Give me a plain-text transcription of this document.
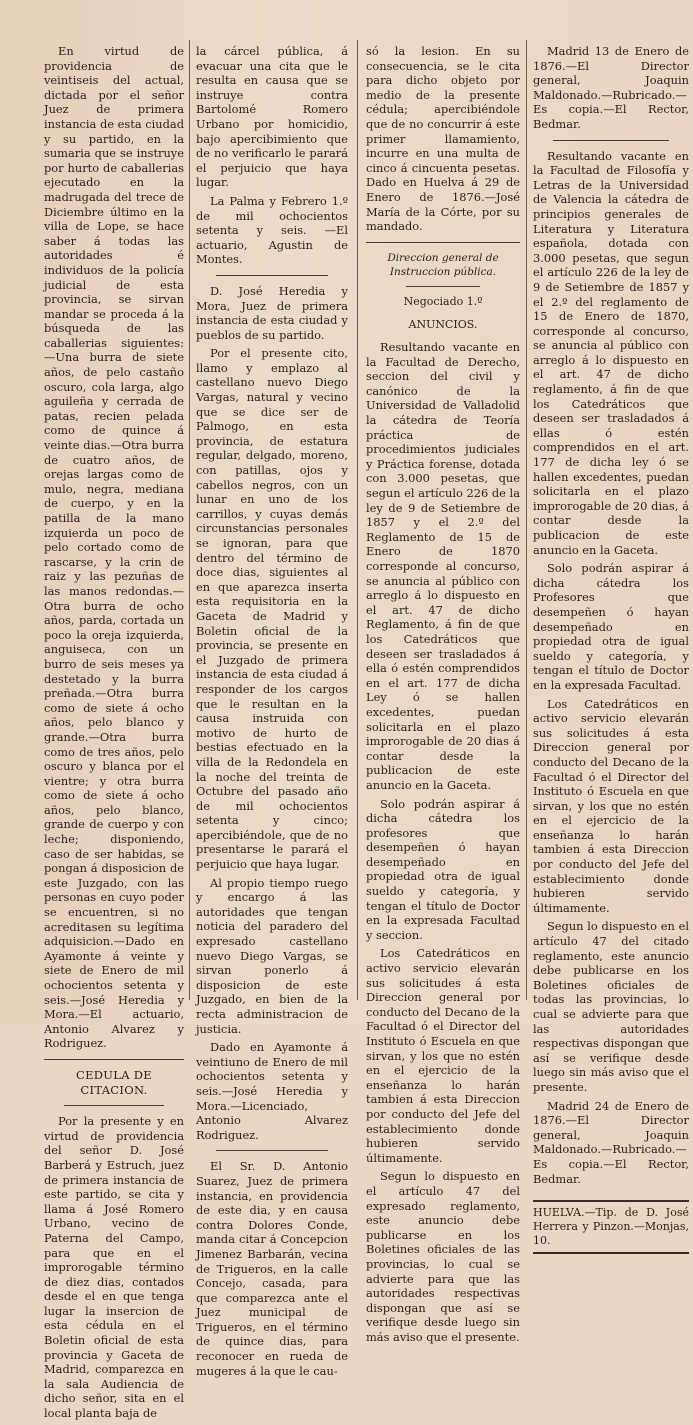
En virtud de providencia de veintiseis del actual, dictada por el señor Juez de primera instancia de esta ciudad y su partido, en la sumaria que se instruye por hurto de caballerias ejecutado en la madrugada del trece de Diciembre último en la villa de Lope, se hace saber á todas las autoridades é individuos de la policía judicial de esta provincia, se sirvan mandar se proceda á la búsqueda de las caballerias siguientes:—Una burra de siete años, de pelo castaño oscuro, cola larga, algo aguileña y cerrada de patas, recien pelada como de quince á veinte dias.—Otra burra de cuatro años, de orejas largas como de mulo, negra, mediana de cuerpo, y en la patilla de la mano izquierda un poco de pelo cortado como de rascarse, y la crin de raiz y las pezuñas de las manos redondas.—Otra burra de ocho años, parda, cortada un poco la oreja izquierda, anguiseca, con un burro de seis meses ya destetado y la burra preñada.—Otra burra como de siete á ocho años, pelo blanco y grande.—Otra burra como de tres años, pelo oscuro y blanca por el vientre; y otra burra como de siete á ocho años, pelo blanco, grande de cuerpo y con leche; disponiendo, caso de ser habidas, se pongan á disposicion de este Juzgado, con las personas en cuyo poder se encuentren, si no acreditasen su legítima adquisicion.—Dado en Ayamonte á veinte y siete de Enero de mil ochocientos setenta y seis.—José Heredia y Mora.—El actuario, Antonio Alvarez y Rodriguez.

CEDULA DE CITACION.

Por la presente y en virtud de providencia del señor D. José Barberá y Estruch, juez de primera instancia de este partido, se cita y llama á José Romero Urbano, vecino de Paterna del Campo, para que en el improrogable término de diez dias, contados desde el en que tenga lugar la insercion de esta cédula en el Boletin oficial de esta provincia y Gaceta de Madrid, comparezca en la sala Audiencia de dicho señor, sita en el local planta baja de

la cárcel pública, á evacuar una cita que le resulta en causa que se instruye contra Bartolomé Romero Urbano por homicidio, bajo apercibimiento que de no verificarlo le parará el perjuicio que haya lugar.

La Palma y Febrero 1.º de mil ochocientos setenta y seis. —El actuario, Agustin de Montes.

D. José Heredia y Mora, Juez de primera instancia de esta ciudad y pueblos de su partido.

Por el presente cito, llamo y emplazo al castellano nuevo Diego Vargas, natural y vecino que se dice ser de Palmogo, en esta provincia, de estatura regular, delgado, moreno, con patillas, ojos y cabellos negros, con un lunar en uno de los carrillos, y cuyas demás circunstancias personales se ignoran, para que dentro del término de doce dias, siguientes al en que aparezca inserta esta requisitoria en la Gaceta de Madrid y Boletin oficial de la provincia, se presente en el Juzgado de primera instancia de esta ciudad á responder de los cargos que le resultan en la causa instruida con motivo de hurto de bestias efectuado en la villa de la Redondela en la noche del treinta de Octubre del pasado año de mil ochocientos setenta y cinco; apercibiéndole, que de no presentarse le parará el perjuicio que haya lugar.

Al propio tiempo ruego y encargo á las autoridades que tengan noticia del paradero del expresado castellano nuevo Diego Vargas, se sirvan ponerlo á disposicion de este Juzgado, en bien de la recta administracion de justicia.

Dado en Ayamonte á veintiuno de Enero de mil ochocientos setenta y seis.—José Heredia y Mora.—Licenciado, Antonio Alvarez Rodriguez.

El Sr. D. Antonio Suarez, Juez de primera instancia, en providencia de este dia, y en causa contra Dolores Conde, manda citar á Concepcion Jimenez Barbarán, vecina de Trigueros, en la calle Concejo, casada, para que comparezca ante el Juez municipal de Trigueros, en el término de quince dias, para reconocer en rueda de mugeres á la que le cau-

só la lesion. En su consecuencia, se le cita para dicho objeto por medio de la presente cédula; apercibiéndole que de no concurrir á este primer llamamiento, incurre en una multa de cinco á cincuenta pesetas. Dado en Huelva á 29 de Enero de 1876.—José María de la Córte, por su mandado.

Direccion general de Instruccion pública.
Negociado 1.º
ANUNCIOS.

Resultando vacante en la Facultad de Derecho, seccion del civil y canónico de la Universidad de Valladolid la cátedra de Teoría práctica de procedimientos judiciales y Práctica forense, dotada con 3.000 pesetas, que segun el artículo 226 de la ley de 9 de Setiembre de 1857 y el 2.º del Reglamento de 15 de Enero de 1870 corresponde al concurso, se anuncia al público con arreglo á lo dispuesto en el art. 47 de dicho Reglamento, á fin de que los Catedráticos que deseen ser trasladados á ella ó estén comprendidos en el art. 177 de dicha Ley ó se hallen excedentes, puedan solicitarla en el plazo improrogable de 20 dias á contar desde la publicacion de este anuncio en la Gaceta.

Solo podrán aspirar á dicha cátedra los profesores que desempeñen ó hayan desempeñado en propiedad otra de igual sueldo y categoría, y tengan el título de Doctor en la expresada Facultad y seccion.

Los Catedráticos en activo servicio elevarán sus solicitudes á esta Direccion general por conducto del Decano de la Facultad ó el Director del Instituto ó Escuela en que sirvan, y los que no estén en el ejercicio de la enseñanza lo harán tambien á esta Direccion por conducto del Jefe del establecimiento donde hubieren servido últimamente.

Segun lo dispuesto en el artículo 47 del expresado reglamento, este anuncio debe publicarse en los Boletines oficiales de las provincias, lo cual se advierte para que las autoridades respectivas dispongan que así se verifique desde luego sin más aviso que el presente.

Madrid 13 de Enero de 1876.—El Director general, Joaquin Maldonado.—Rubricado.—Es copia.—El Rector, Bedmar.

Resultando vacante en la Facultad de Filosofía y Letras de la Universidad de Valencia la cátedra de principios generales de Literatura y Literatura española, dotada con 3.000 pesetas, que segun el artículo 226 de la ley de 9 de Setiembre de 1857 y el 2.º del reglamento de 15 de Enero de 1870, corresponde al concurso, se anuncia al público con arreglo á lo dispuesto en el art. 47 de dicho reglamento, á fin de que los Catedráticos que deseen ser trasladados á ellas ó estén comprendidos en el art. 177 de dicha ley ó se hallen excedentes, puedan solicitarla en el plazo improrogable de 20 dias, á contar desde la publicacion de este anuncio en la Gaceta.

Solo podrán aspirar á dicha cátedra los Profesores que desempeñen ó hayan desempeñado en propiedad otra de igual sueldo y categoría, y tengan el título de Doctor en la expresada Facultad.

Los Catedráticos en activo servicio elevarán sus solicitudes á esta Direccion general por conducto del Decano de la Facultad ó el Director del Instituto ó Escuela en que sirvan, y los que no estén en el ejercicio de la enseñanza lo harán tambien á esta Direccion por conducto del Jefe del establecimiento donde hubieren servido últimamente.

Segun lo dispuesto en el artículo 47 del citado reglamento, este anuncio debe publicarse en los Boletines oficiales de todas las provincias, lo cual se advierte para que las autoridades respectivas dispongan que así se verifique desde luego sin más aviso que el presente.

Madrid 24 de Enero de 1876.—El Director general, Joaquin Maldonado.—Rubricado.—Es copia.—El Rector, Bedmar.

HUELVA.—Tip. de D. José Herrera y Pinzon.—Monjas, 10.
